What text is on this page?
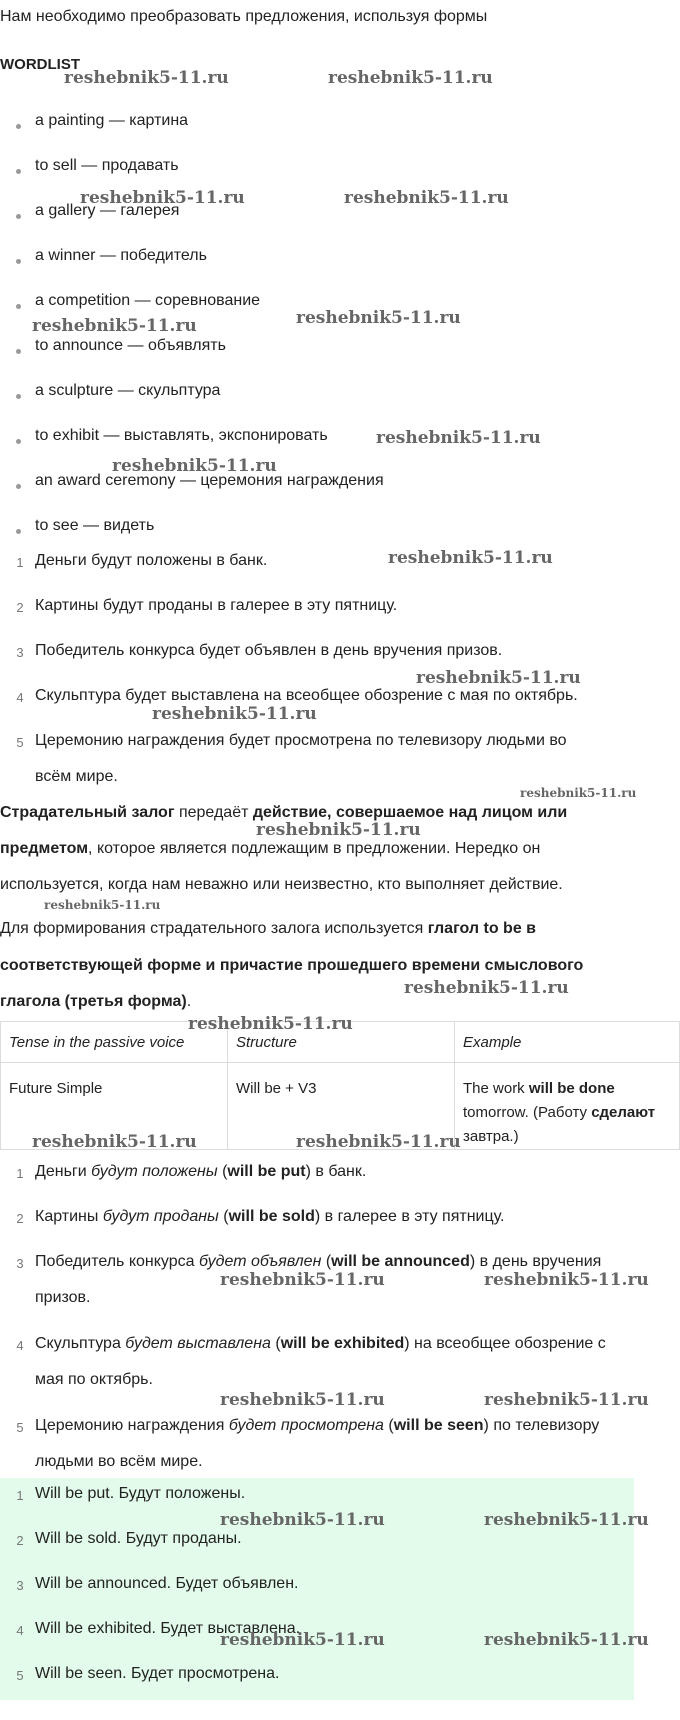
Нам необходимо преобразовать предложения, используя формы
WORDLIST
a painting — картина
to sell — продавать
a gallery — галерея
a winner — победитель
a competition — соревнование
to announce — объявлять
a sculpture — скульптура
to exhibit — выставлять, экспонировать
an award ceremony — церемония награждения
to see — видеть
1 Деньги будут положены в банк.
2 Картины будут проданы в галерее в эту пятницу.
3 Победитель конкурса будет объявлен в день вручения призов.
4 Скульптура будет выставлена на всеобщее обозрение с мая по октябрь.
5 Церемонию награждения будет просмотрена по телевизору людьми во
всём мире.
Страдательный залог передаёт действие, совершаемое над лицом или
предметом, которое является подлежащим в предложении. Нередко он
используется, когда нам неважно или неизвестно, кто выполняет действие.
Для формирования страдательного залога используется глагол to be в
соответствующей форме и причастие прошедшего времени смыслового
глагола (третья форма).
Tense in the passive voice	Structure	Example
Future Simple	Will be + V3	The work will be done
tomorrow. (Работу сделают
завтра.)
1 Деньги будут положены (will be put) в банк.
2 Картины будут проданы (will be sold) в галерее в эту пятницу.
3 Победитель конкурса будет объявлен (will be announced) в день вручения
призов.
4 Скульптура будет выставлена (will be exhibited) на всеобщее обозрение с
мая по октябрь.
5 Церемонию награждения будет просмотрена (will be seen) по телевизору
людьми во всём мире.
1 Will be put. Будут положены.
2 Will be sold. Будут проданы.
3 Will be announced. Будет объявлен.
4 Will be exhibited. Будет выставлена.
5 Will be seen. Будет просмотрена.
reshebnik5-11.ru	reshebnik5-11.ru
reshebnik5-11.ru	reshebnik5-11.ru
reshebnik5-11.ru	reshebnik5-11.ru
reshebnik5-11.ru
reshebnik5-11.ru
reshebnik5-11.ru
reshebnik5-11.ru
reshebnik5-11.ru
reshebnik5-11.ru
reshebnik5-11.ru
reshebnik5-11.ru
reshebnik5-11.ru
reshebnik5-11.ru
reshebnik5-11.ru	reshebnik5-11.ru
reshebnik5-11.ru	reshebnik5-11.ru
reshebnik5-11.ru	reshebnik5-11.ru
reshebnik5-11.ru	reshebnik5-11.ru
reshebnik5-11.ru	reshebnik5-11.ru
